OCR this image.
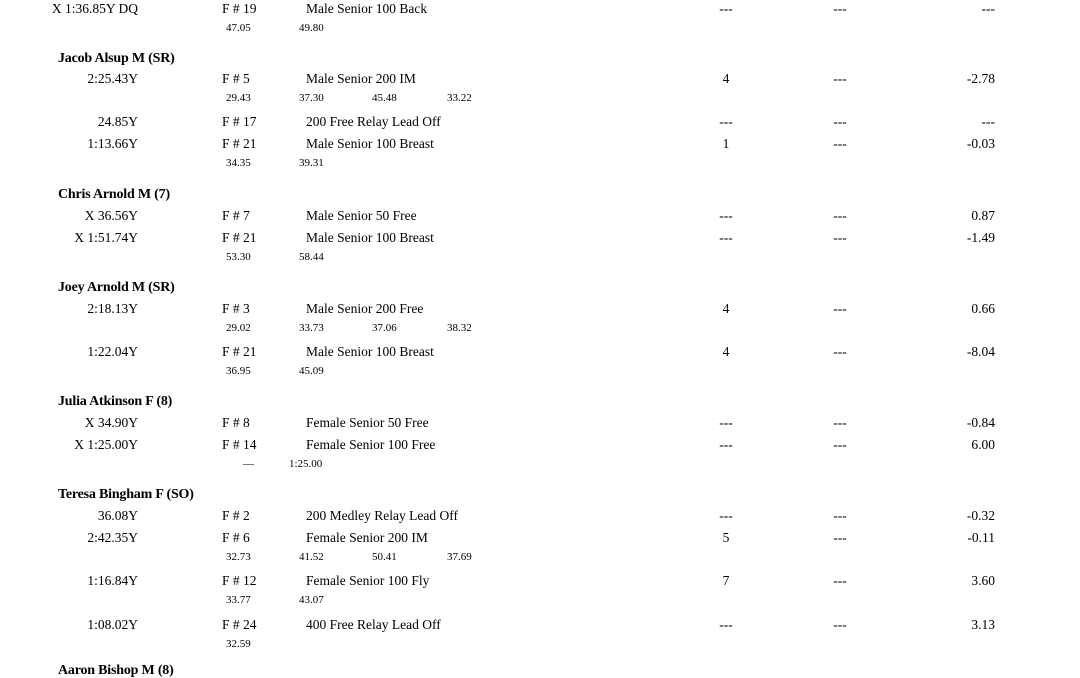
X 1:36.85Y DQ	F # 19	Male Senior 100 Back	---	---	---
47.05	49.80
Jacob Alsup M (SR)
2:25.43Y	F # 5	Male Senior 200 IM	4	---	-2.78
29.43	37.30	45.48	33.22
24.85Y	F # 17	200 Free Relay Lead Off	---	---	---
1:13.66Y	F # 21	Male Senior 100 Breast	1	---	-0.03
34.35	39.31
Chris Arnold M (7)
X 36.56Y	F # 7	Male Senior 50 Free	---	---	0.87
X 1:51.74Y	F # 21	Male Senior 100 Breast	---	---	-1.49
53.30	58.44
Joey Arnold M (SR)
2:18.13Y	F # 3	Male Senior 200 Free	4	---	0.66
29.02	33.73	37.06	38.32
1:22.04Y	F # 21	Male Senior 100 Breast	4	---	-8.04
36.95	45.09
Julia Atkinson F (8)
X 34.90Y	F # 8	Female Senior 50 Free	---	---	-0.84
X 1:25.00Y	F # 14	Female Senior 100 Free	---	---	6.00
—	1:25.00
Teresa Bingham F (SO)
36.08Y	F # 2	200 Medley Relay Lead Off	---	---	-0.32
2:42.35Y	F # 6	Female Senior 200 IM	5	---	-0.11
32.73	41.52	50.41	37.69
1:16.84Y	F # 12	Female Senior 100 Fly	7	---	3.60
33.77	43.07
1:08.02Y	F # 24	400 Free Relay Lead Off	---	---	3.13
32.59
Aaron Bishop M (8)
